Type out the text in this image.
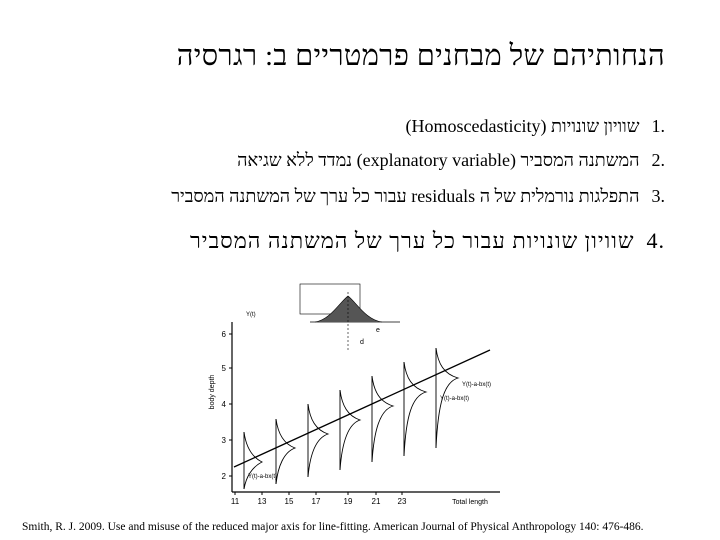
הנחותיהם של מבחנים פרמטריים ב: רגרסיה
.1שוויון שונויות (Homoscedasticity)
.2המשתנה המסביר (explanatory variable) נמדד ללא שגיאה
.3התפלגות נורמלית של ה residuals עבור כל ערך של המשתנה המסביר
.4שוויון שונויות עבור כל ערך של המשתנה המסביר
6
5
4
3
2
body depth
11 13 15 17	19 21 23	Total length
e
d
Y(t)
Y(t)-a-bx(t)
Y(t)-a-bx(t)
Y(t)-a-bx(t)
Smith, R. J. 2009. Use and misuse of the reduced major axis for line-fitting. American Journal of Physical Anthropology 140: 476-486.
